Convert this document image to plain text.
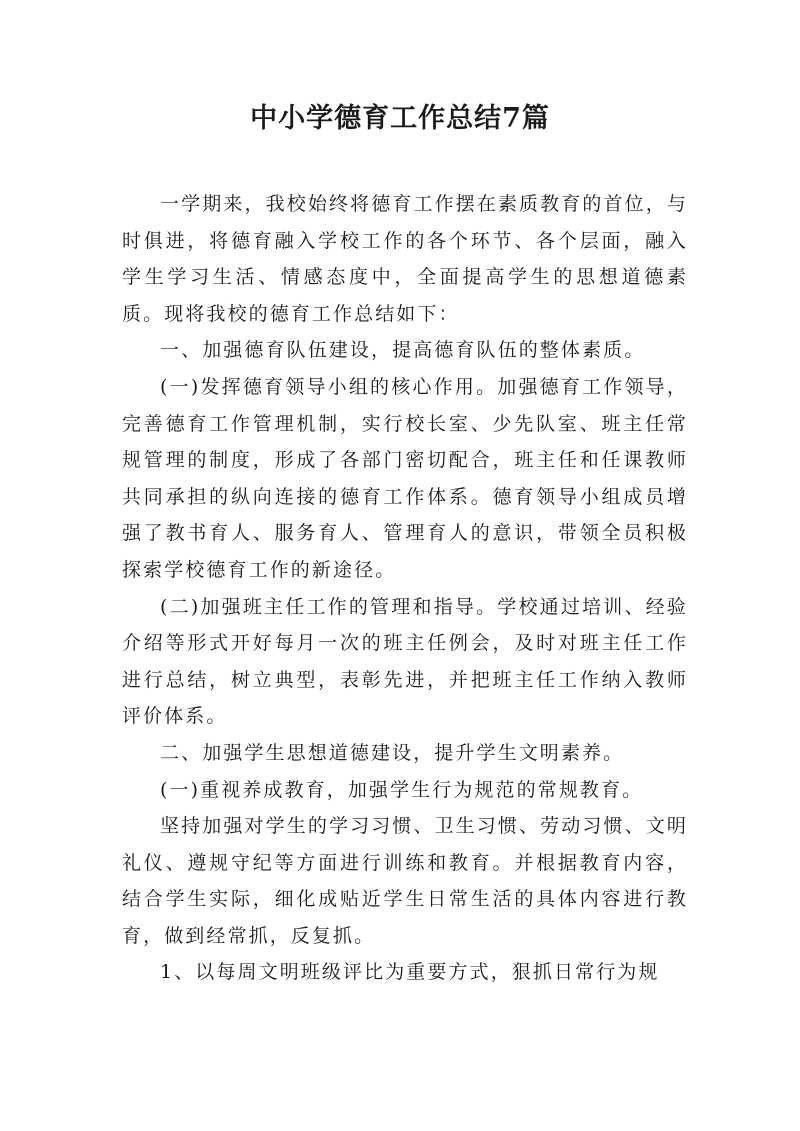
中小学德育工作总结7篇

一学期来，我校始终将德育工作摆在素质教育的首位，与时俱进，将德育融入学校工作的各个环节、各个层面，融入学生学习生活、情感态度中，全面提高学生的思想道德素质。现将我校的德育工作总结如下：

一、加强德育队伍建设，提高德育队伍的整体素质。

(一)发挥德育领导小组的核心作用。加强德育工作领导，完善德育工作管理机制，实行校长室、少先队室、班主任常规管理的制度，形成了各部门密切配合，班主任和任课教师共同承担的纵向连接的德育工作体系。德育领导小组成员增强了教书育人、服务育人、管理育人的意识，带领全员积极探索学校德育工作的新途径。

(二)加强班主任工作的管理和指导。学校通过培训、经验介绍等形式开好每月一次的班主任例会，及时对班主任工作进行总结，树立典型，表彰先进，并把班主任工作纳入教师评价体系。

二、加强学生思想道德建设，提升学生文明素养。

(一)重视养成教育，加强学生行为规范的常规教育。

坚持加强对学生的学习习惯、卫生习惯、劳动习惯、文明礼仪、遵规守纪等方面进行训练和教育。并根据教育内容，结合学生实际，细化成贴近学生日常生活的具体内容进行教育，做到经常抓，反复抓。

1、以每周文明班级评比为重要方式，狠抓日常行为规
